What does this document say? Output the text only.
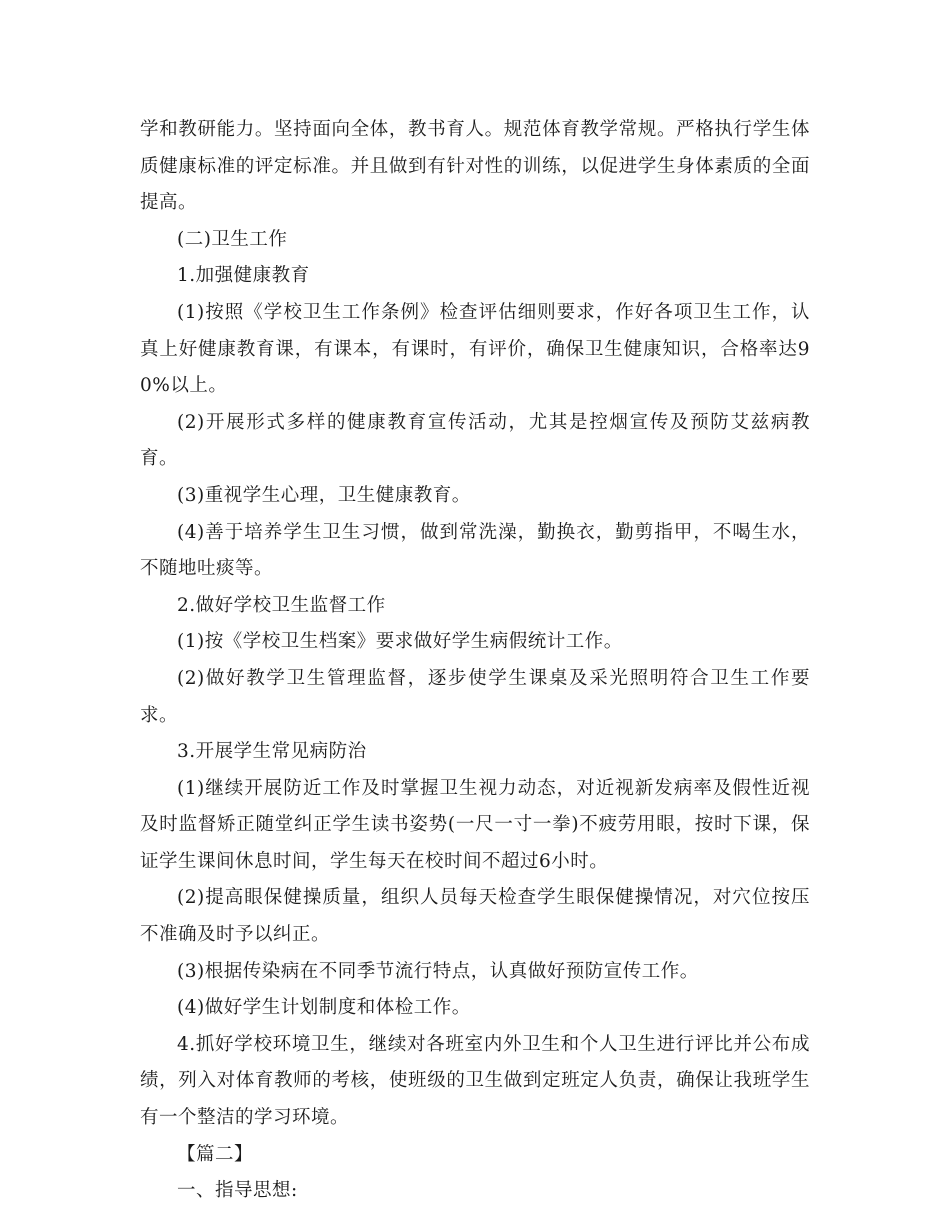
学和教研能力。坚持面向全体，教书育人。规范体育教学常规。严格执行学生体质健康标准的评定标准。并且做到有针对性的训练，以促进学生身体素质的全面提高。

(二)卫生工作

1.加强健康教育

(1)按照《学校卫生工作条例》检查评估细则要求，作好各项卫生工作，认真上好健康教育课，有课本，有课时，有评价，确保卫生健康知识，合格率达90%以上。

(2)开展形式多样的健康教育宣传活动，尤其是控烟宣传及预防艾兹病教育。

(3)重视学生心理，卫生健康教育。

(4)善于培养学生卫生习惯，做到常洗澡，勤换衣，勤剪指甲，不喝生水，不随地吐痰等。

2.做好学校卫生监督工作

(1)按《学校卫生档案》要求做好学生病假统计工作。

(2)做好教学卫生管理监督，逐步使学生课桌及采光照明符合卫生工作要求。

3.开展学生常见病防治

(1)继续开展防近工作及时掌握卫生视力动态，对近视新发病率及假性近视及时监督矫正随堂纠正学生读书姿势(一尺一寸一拳)不疲劳用眼，按时下课，保证学生课间休息时间，学生每天在校时间不超过6小时。

(2)提高眼保健操质量，组织人员每天检查学生眼保健操情况，对穴位按压不准确及时予以纠正。

(3)根据传染病在不同季节流行特点，认真做好预防宣传工作。

(4)做好学生计划制度和体检工作。

4.抓好学校环境卫生，继续对各班室内外卫生和个人卫生进行评比并公布成绩，列入对体育教师的考核，使班级的卫生做到定班定人负责，确保让我班学生有一个整洁的学习环境。

【篇二】

一、指导思想:
